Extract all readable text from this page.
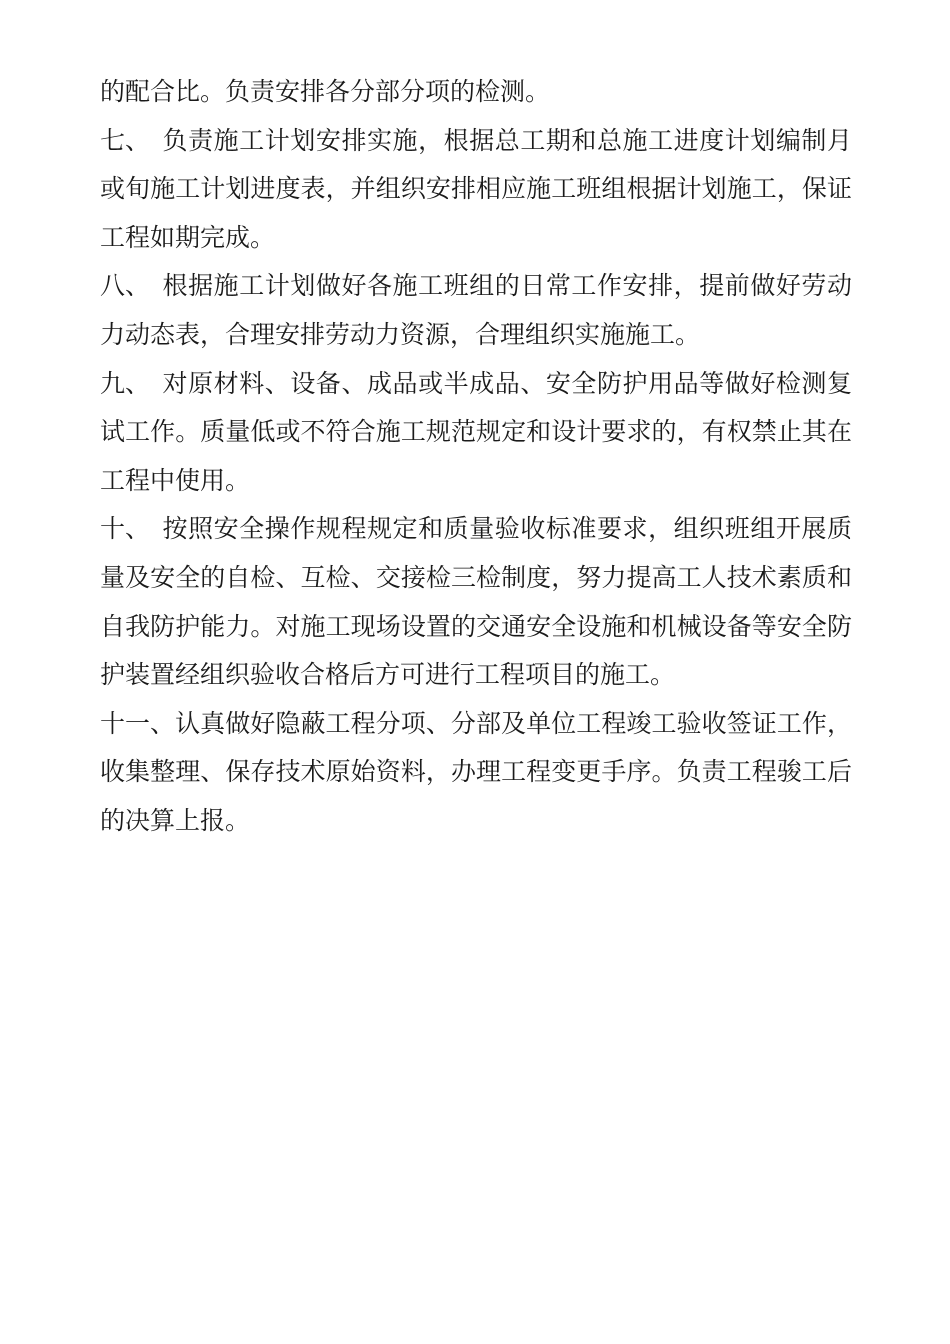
的配合比。负责安排各分部分项的检测。

七、 负责施工计划安排实施，根据总工期和总施工进度计划编制月或旬施工计划进度表，并组织安排相应施工班组根据计划施工，保证工程如期完成。

八、 根据施工计划做好各施工班组的日常工作安排，提前做好劳动力动态表，合理安排劳动力资源，合理组织实施施工。

九、 对原材料、设备、成品或半成品、安全防护用品等做好检测复试工作。质量低或不符合施工规范规定和设计要求的，有权禁止其在工程中使用。

十、 按照安全操作规程规定和质量验收标准要求，组织班组开展质量及安全的自检、互检、交接检三检制度，努力提高工人技术素质和自我防护能力。对施工现场设置的交通安全设施和机械设备等安全防护装置经组织验收合格后方可进行工程项目的施工。

十一、认真做好隐蔽工程分项、分部及单位工程竣工验收签证工作，收集整理、保存技术原始资料，办理工程变更手序。负责工程骏工后的决算上报。
